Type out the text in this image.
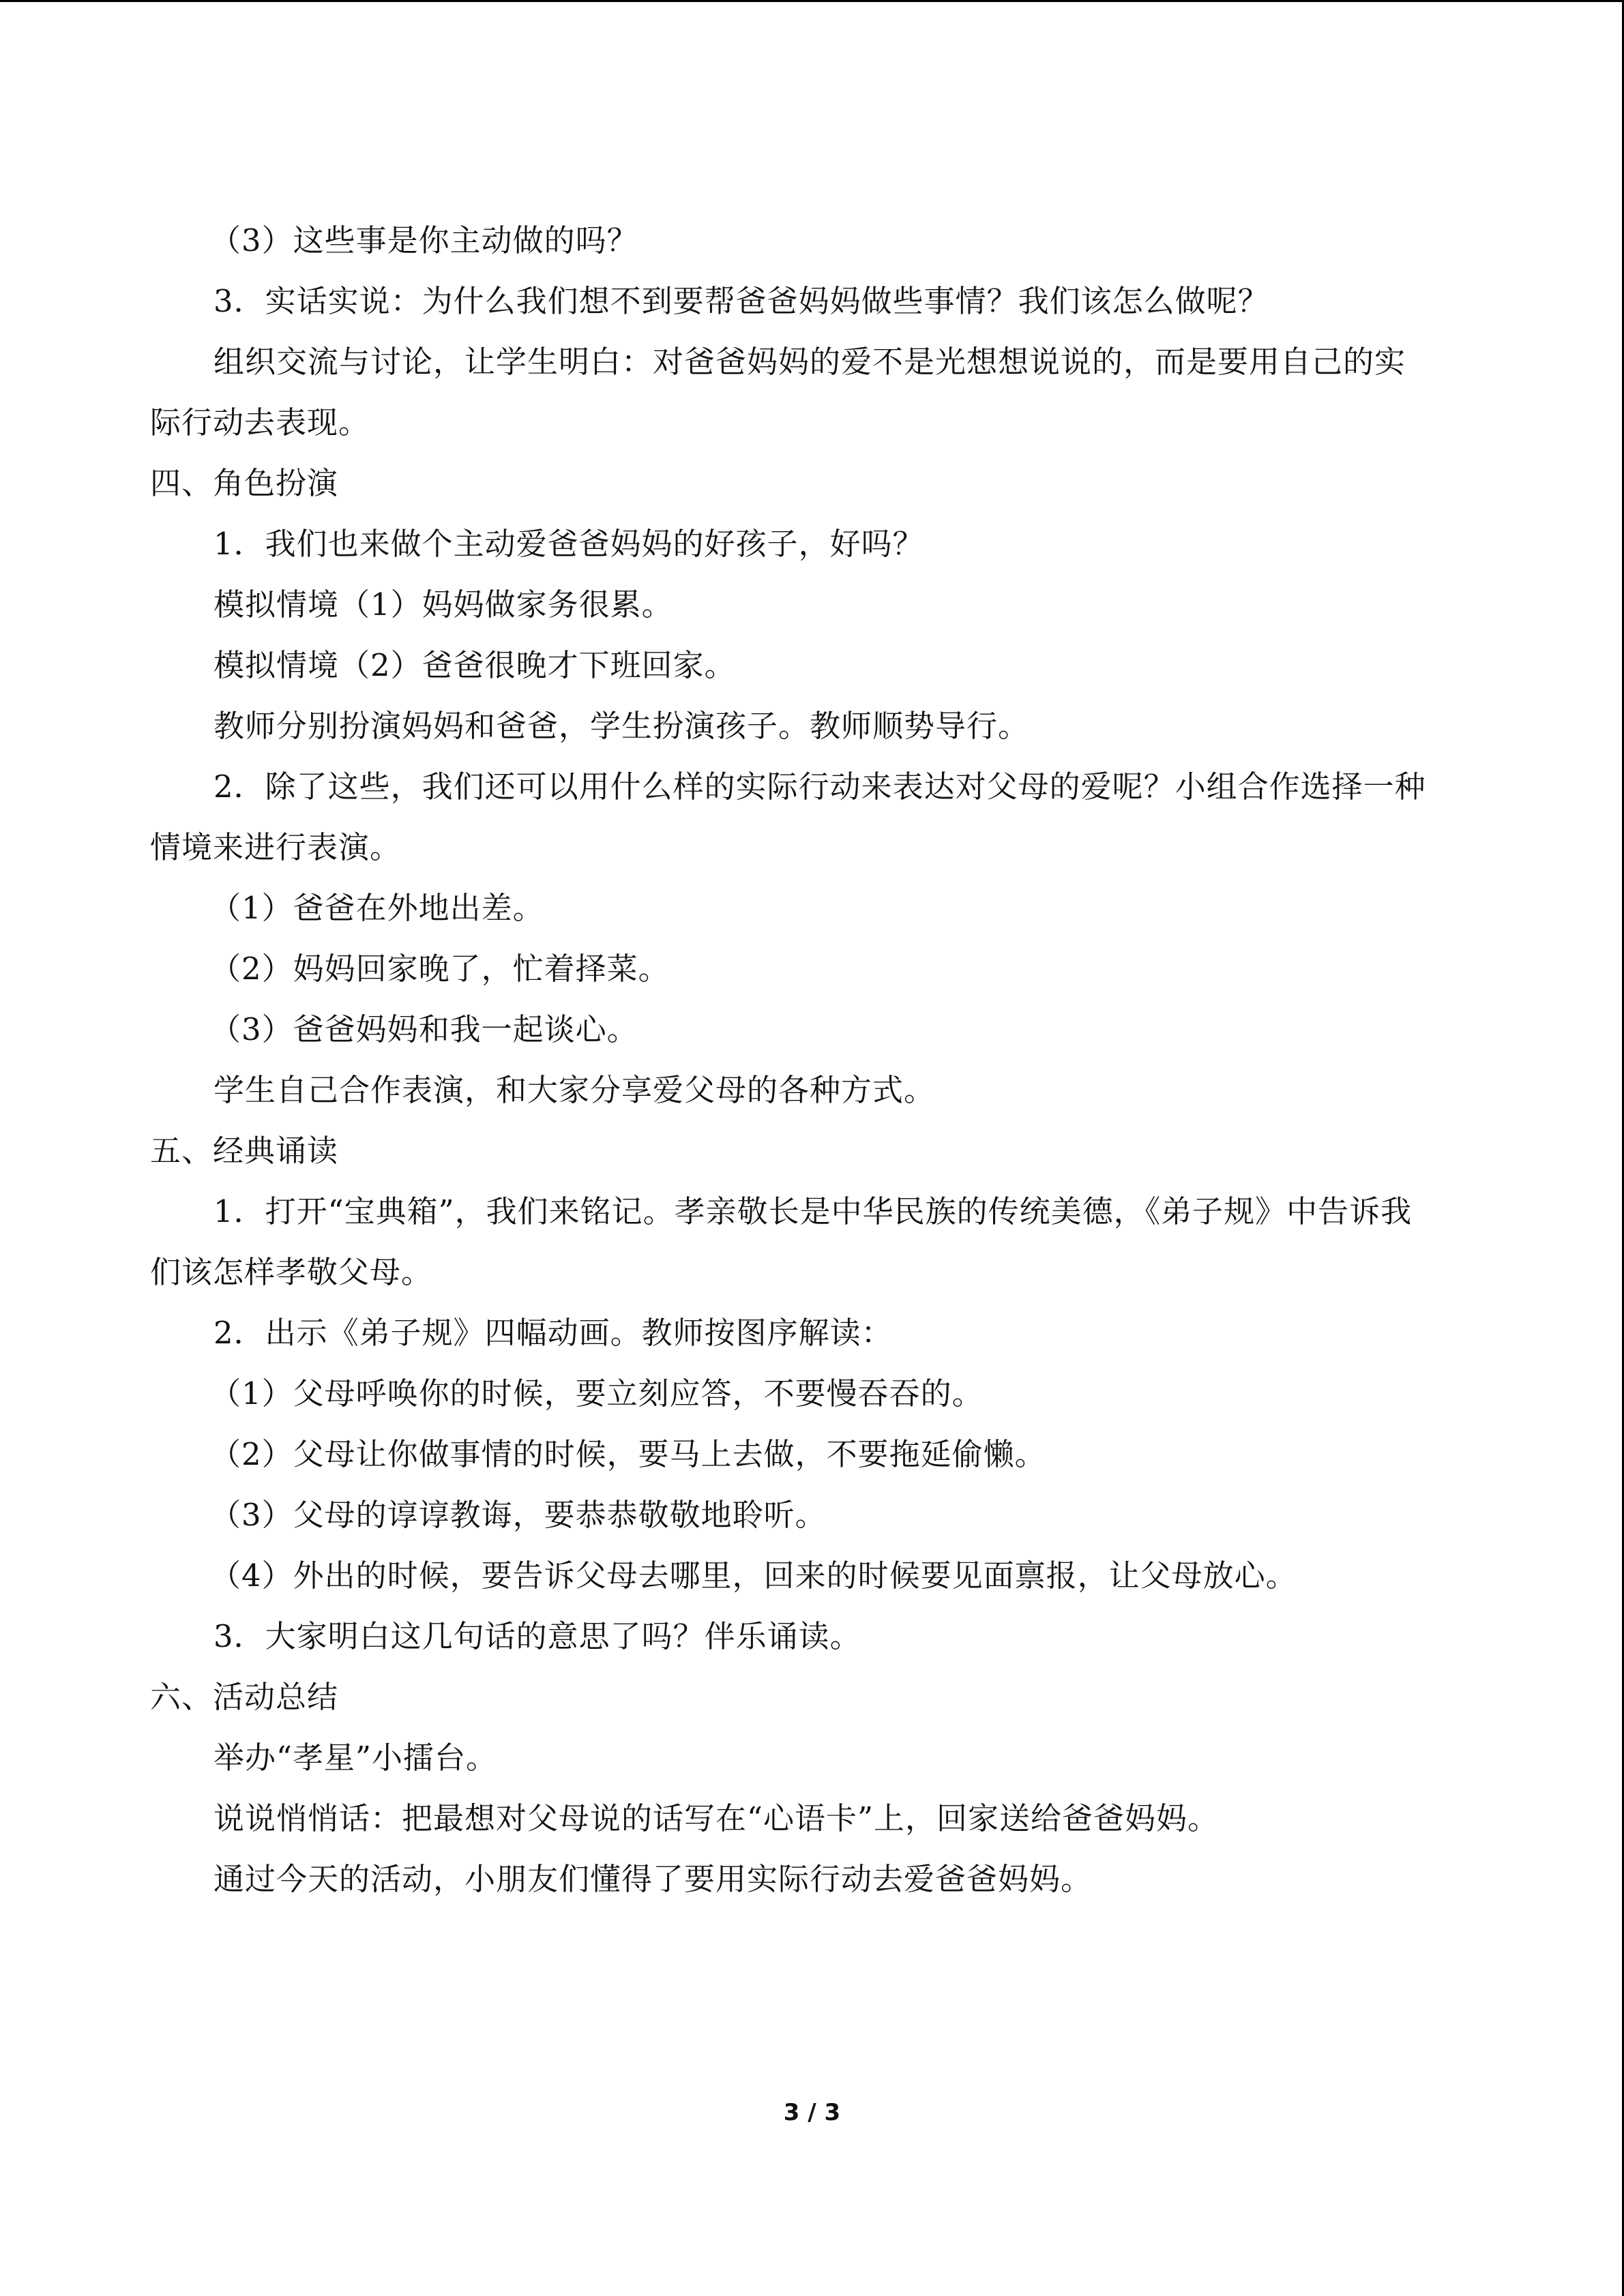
（3）这些事是你主动做的吗？
3．实话实说：为什么我们想不到要帮爸爸妈妈做些事情？我们该怎么做呢？
组织交流与讨论，让学生明白：对爸爸妈妈的爱不是光想想说说的，而是要用自己的实
际行动去表现。
四、角色扮演
1．我们也来做个主动爱爸爸妈妈的好孩子，好吗？
模拟情境（1）妈妈做家务很累。
模拟情境（2）爸爸很晚才下班回家。
教师分别扮演妈妈和爸爸，学生扮演孩子。教师顺势导行。
2．除了这些，我们还可以用什么样的实际行动来表达对父母的爱呢？小组合作选择一种
情境来进行表演。
（1）爸爸在外地出差。
（2）妈妈回家晚了，忙着择菜。
（3）爸爸妈妈和我一起谈心。
学生自己合作表演，和大家分享爱父母的各种方式。
五、经典诵读
1．打开“宝典箱”，我们来铭记。孝亲敬长是中华民族的传统美德，《弟子规》中告诉我
们该怎样孝敬父母。
2．出示《弟子规》四幅动画。教师按图序解读：
（1）父母呼唤你的时候，要立刻应答，不要慢吞吞的。
（2）父母让你做事情的时候，要马上去做，不要拖延偷懒。
（3）父母的谆谆教诲，要恭恭敬敬地聆听。
（4）外出的时候，要告诉父母去哪里，回来的时候要见面禀报，让父母放心。
3．大家明白这几句话的意思了吗？伴乐诵读。
六、活动总结
举办“孝星”小擂台。
说说悄悄话：把最想对父母说的话写在“心语卡”上，回家送给爸爸妈妈。
通过今天的活动，小朋友们懂得了要用实际行动去爱爸爸妈妈。
3 / 3
